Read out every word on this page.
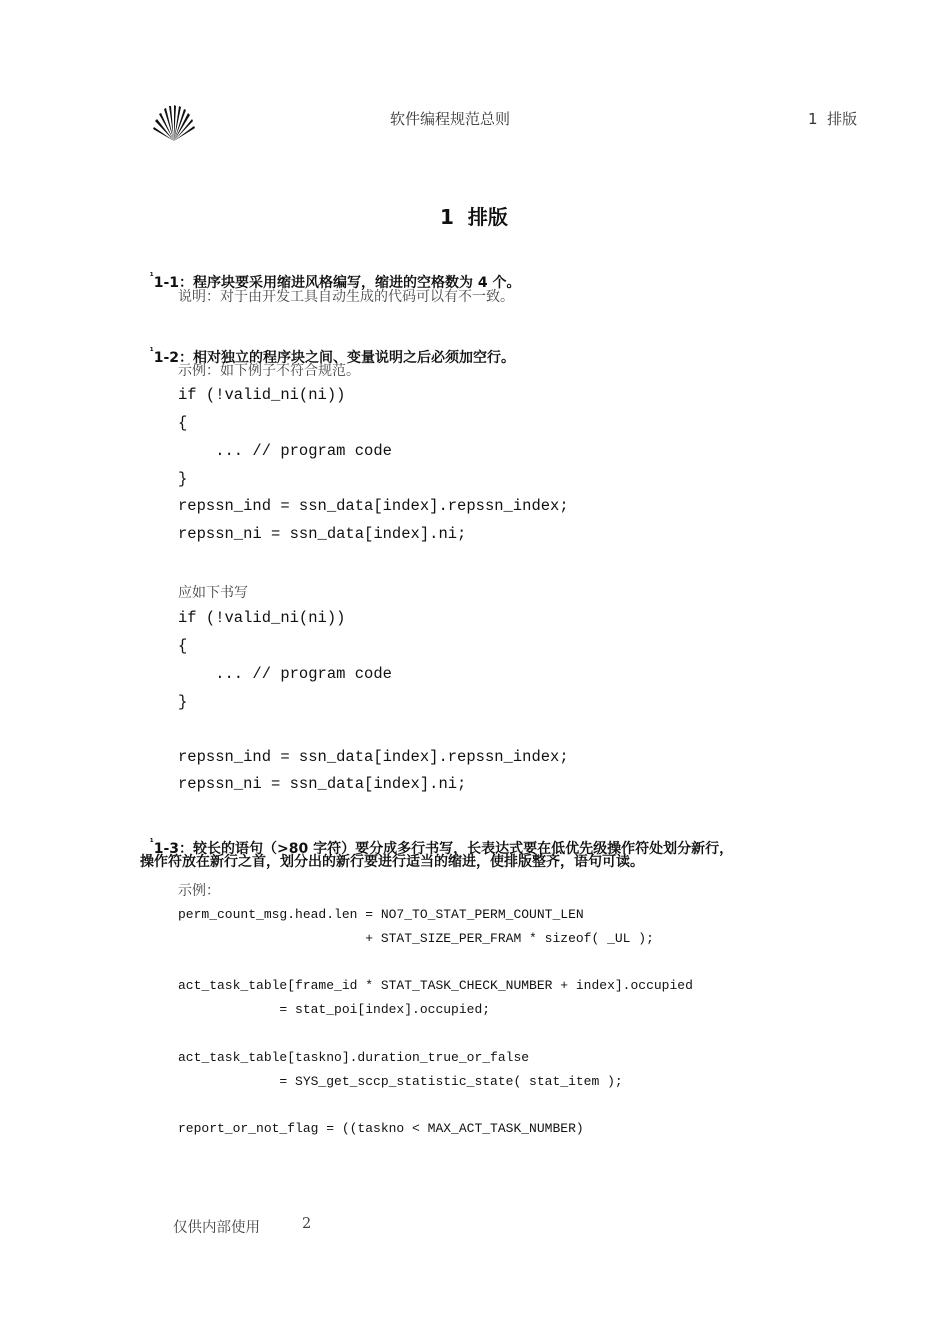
软件编程规范总则	1  排版
1  排版

$^{^1}$1-1：程序块要采用缩进风格编写，缩进的空格数为 4 个。

说明：对于由开发工具自动生成的代码可以有不一致。

$^{^1}$1-2：相对独立的程序块之间、变量说明之后必须加空行。

示例：如下例子不符合规范。
if (!valid_ni(ni))
{
... // program code
}
repssn_ind = ssn_data[index].repssn_index;
repssn_ni = ssn_data[index].ni;
应如下书写
if (!valid_ni(ni))
{
... // program code
}
repssn_ind = ssn_data[index].repssn_index;
repssn_ni = ssn_data[index].ni;

$^{^1}$1-3：较长的语句（>80 字符）要分成多行书写，长表达式要在低优先级操作符处划分新行，

操作符放在新行之首，划分出的新行要进行适当的缩进，使排版整齐，语句可读。
示例：
perm_count_msg.head.len = NO7_TO_STAT_PERM_COUNT_LEN
+ STAT_SIZE_PER_FRAM * sizeof( _UL );
act_task_table[frame_id * STAT_TASK_CHECK_NUMBER + index].occupied
= stat_poi[index].occupied;
act_task_table[taskno].duration_true_or_false
= SYS_get_sccp_statistic_state( stat_item );
report_or_not_flag = ((taskno < MAX_ACT_TASK_NUMBER)
仅供内部使用	2
